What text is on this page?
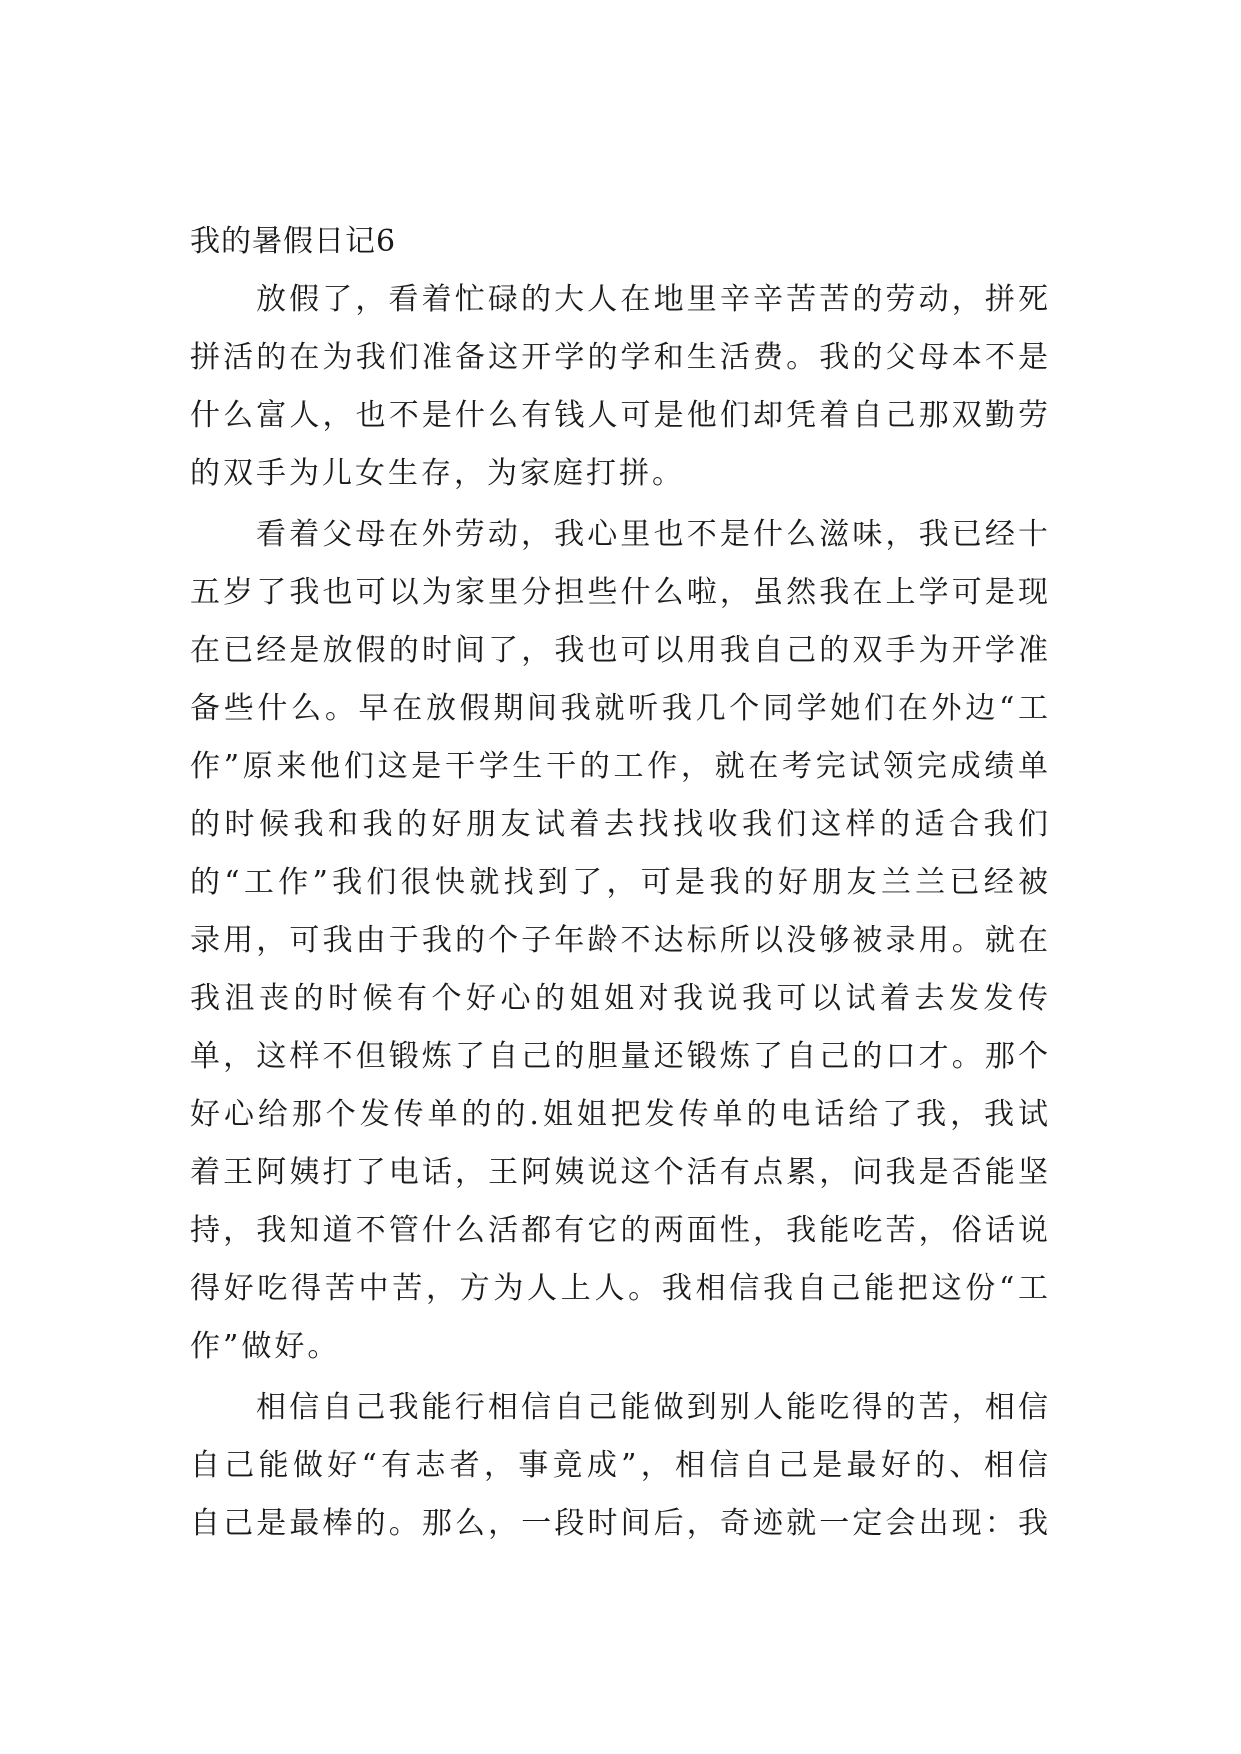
我的暑假日记6
放假了，看着忙碌的大人在地里辛辛苦苦的劳动，拼死
拼活的在为我们准备这开学的学和生活费。我的父母本不是
什么富人，也不是什么有钱人可是他们却凭着自己那双勤劳
的双手为儿女生存，为家庭打拼。
看着父母在外劳动，我心里也不是什么滋味，我已经十
五岁了我也可以为家里分担些什么啦，虽然我在上学可是现
在已经是放假的时间了，我也可以用我自己的双手为开学准
备些什么。早在放假期间我就听我几个同学她们在外边“工
作”原来他们这是干学生干的工作，就在考完试领完成绩单
的时候我和我的好朋友试着去找找收我们这样的适合我们
的“工作”我们很快就找到了，可是我的好朋友兰兰已经被
录用，可我由于我的个子年龄不达标所以没够被录用。就在
我沮丧的时候有个好心的姐姐对我说我可以试着去发发传
单，这样不但锻炼了自己的胆量还锻炼了自己的口才。那个
好心给那个发传单的的.姐姐把发传单的电话给了我，我试
着王阿姨打了电话，王阿姨说这个活有点累，问我是否能坚
持，我知道不管什么活都有它的两面性，我能吃苦，俗话说
得好吃得苦中苦，方为人上人。我相信我自己能把这份“工
作”做好。
相信自己我能行相信自己能做到别人能吃得的苦，相信
自己能做好“有志者，事竟成”，相信自己是最好的、相信
自己是最棒的。那么，一段时间后，奇迹就一定会出现：我
